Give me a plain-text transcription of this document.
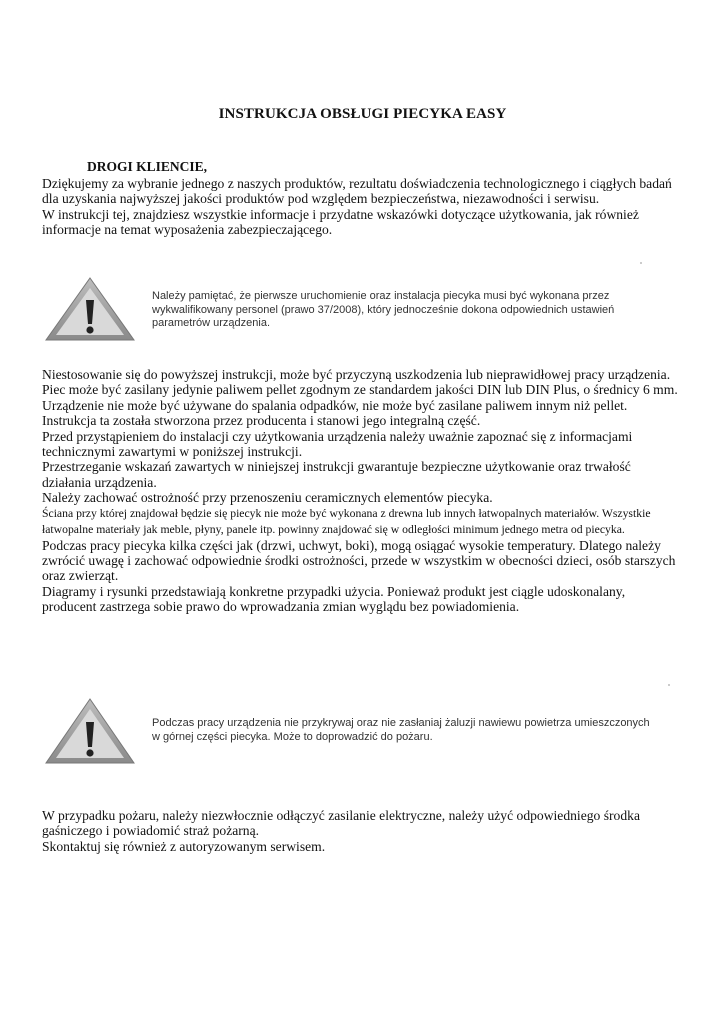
INSTRUKCJA OBSŁUGI PIECYKA EASY
DROGI KLIENCIE,

Dziękujemy za wybranie jednego z naszych produktów, rezultatu doświadczenia technologicznego i ciągłych badań dla uzyskania najwyższej jakości produktów pod względem bezpieczeństwa, niezawodności i serwisu.

W instrukcji tej, znajdziesz wszystkie informacje i przydatne wskazówki dotyczące użytkowania, jak również informacje na temat wyposażenia zabezpieczającego.

Należy pamiętać, że pierwsze uruchomienie oraz instalacja piecyka musi być wykonana przez wykwalifikowany personel (prawo 37/2008), który jednocześnie dokona odpowiednich ustawień parametrów urządzenia.

Niestosowanie się do powyższej instrukcji, może być przyczyną uszkodzenia lub nieprawidłowej pracy urządzenia.

Piec może być zasilany jedynie paliwem pellet zgodnym ze standardem jakości DIN lub DIN Plus, o średnicy 6 mm. Urządzenie nie może być używane do spalania odpadków, nie może być zasilane paliwem innym niż pellet.

Instrukcja ta została stworzona przez producenta i stanowi jego integralną część.

Przed przystąpieniem do instalacji czy użytkowania urządzenia należy uważnie zapoznać się z informacjami technicznymi zawartymi w poniższej instrukcji.

Przestrzeganie wskazań zawartych w niniejszej instrukcji gwarantuje bezpieczne użytkowanie oraz trwałość działania urządzenia.

Należy zachować ostrożność przy przenoszeniu ceramicznych elementów piecyka.

Ściana przy której znajdował będzie się piecyk nie może być wykonana z drewna lub innych łatwopalnych materiałów. Wszystkie łatwopalne materiały jak meble, płyny, panele itp. powinny znajdować się w odległości minimum jednego metra od piecyka.

Podczas pracy piecyka kilka części jak (drzwi, uchwyt, boki), mogą osiągać wysokie temperatury. Dlatego należy zwrócić uwagę i zachować odpowiednie środki ostrożności, przede w wszystkim w obecności dzieci, osób starszych oraz zwierząt.

Diagramy i rysunki przedstawiają konkretne przypadki użycia. Ponieważ produkt jest ciągle udoskonalany, producent zastrzega sobie prawo do wprowadzania zmian wyglądu bez powiadomienia.

Podczas pracy urządzenia nie przykrywaj oraz nie zasłaniaj żaluzji nawiewu powietrza umieszczonych w górnej części piecyka. Może to doprowadzić do pożaru.

W przypadku pożaru, należy niezwłocznie odłączyć zasilanie elektryczne, należy użyć odpowiedniego środka gaśniczego i powiadomić straż pożarną.

Skontaktuj się również z autoryzowanym serwisem.
